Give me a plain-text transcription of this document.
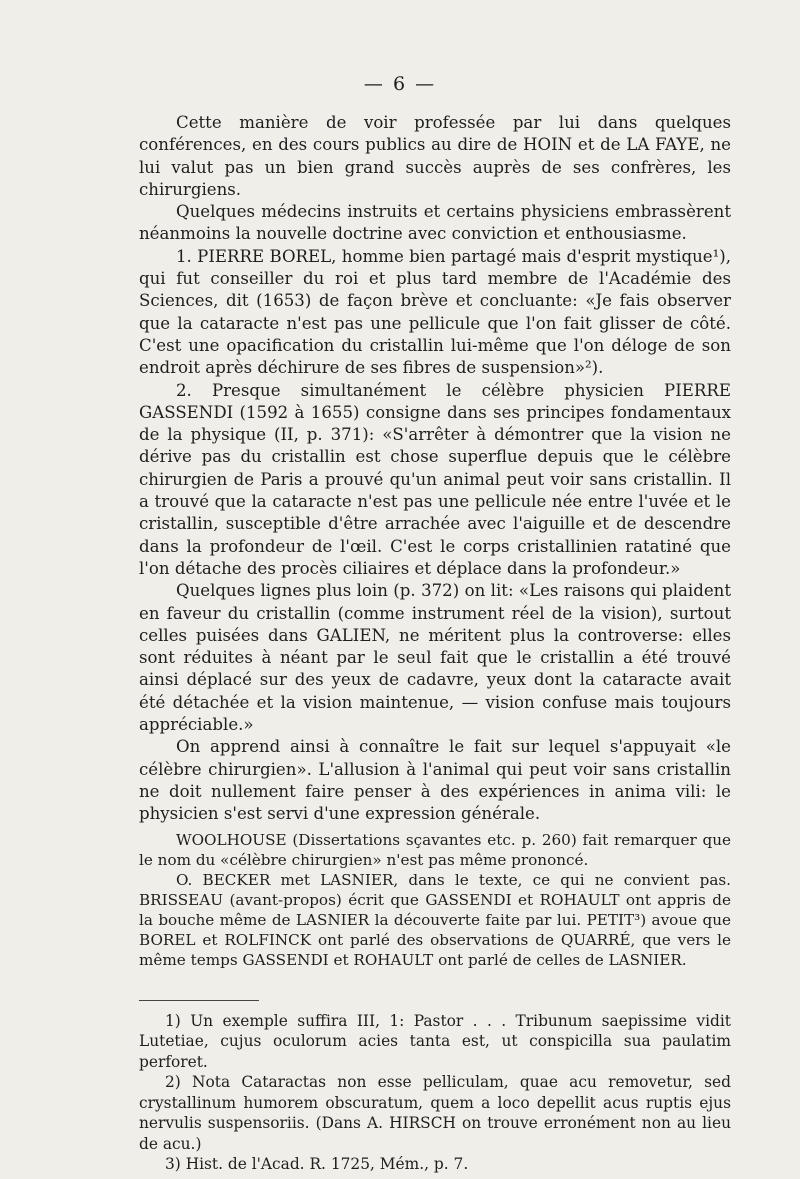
— 6 —

Cette manière de voir professée par lui dans quelques conférences, en des cours publics au dire de HOIN et de LA FAYE, ne lui valut pas un bien grand succès auprès de ses confrères, les chirurgiens.

Quelques médecins instruits et certains physiciens embrassèrent néanmoins la nouvelle doctrine avec conviction et enthousiasme.

1. PIERRE BOREL, homme bien partagé mais d'esprit mystique¹), qui fut conseiller du roi et plus tard membre de l'Académie des Sciences, dit (1653) de façon brève et concluante: «Je fais observer que la cataracte n'est pas une pellicule que l'on fait glisser de côté. C'est une opacification du cristallin lui-même que l'on déloge de son endroit après déchirure de ses fibres de suspension»²).

2. Presque simultanément le célèbre physicien PIERRE GASSENDI (1592 à 1655) consigne dans ses principes fondamentaux de la physique (II, p. 371): «S'arrêter à démontrer que la vision ne dérive pas du cristallin est chose superflue depuis que le célèbre chirurgien de Paris a prouvé qu'un animal peut voir sans cristallin. Il a trouvé que la cataracte n'est pas une pellicule née entre l'uvée et le cristallin, susceptible d'être arrachée avec l'aiguille et de descendre dans la profondeur de l'œil. C'est le corps cristallinien ratatiné que l'on détache des procès ciliaires et déplace dans la profondeur.»

Quelques lignes plus loin (p. 372) on lit: «Les raisons qui plaident en faveur du cristallin (comme instrument réel de la vision), surtout celles puisées dans GALIEN, ne méritent plus la controverse: elles sont réduites à néant par le seul fait que le cristallin a été trouvé ainsi déplacé sur des yeux de cadavre, yeux dont la cataracte avait été détachée et la vision maintenue, — vision confuse mais toujours appréciable.»

On apprend ainsi à connaître le fait sur lequel s'appuyait «le célèbre chirurgien». L'allusion à l'animal qui peut voir sans cristallin ne doit nullement faire penser à des expériences in anima vili: le physicien s'est servi d'une expression générale.

WOOLHOUSE (Dissertations sçavantes etc. p. 260) fait remarquer que le nom du «célèbre chirurgien» n'est pas même prononcé.

O. BECKER met LASNIER, dans le texte, ce qui ne convient pas. BRISSEAU (avant-propos) écrit que GASSENDI et ROHAULT ont appris de la bouche même de LASNIER la découverte faite par lui. PETIT³) avoue que BOREL et ROLFINCK ont parlé des observations de QUARRÉ, que vers le même temps GASSENDI et ROHAULT ont parlé de celles de LASNIER.

1) Un exemple suffira III, 1: Pastor . . . Tribunum saepissime vidit Lutetiae, cujus oculorum acies tanta est, ut conspicilla sua paulatim perforet.

2) Nota Cataractas non esse pelliculam, quae acu removetur, sed crystallinum humorem obscuratum, quem a loco depellit acus ruptis ejus nervulis suspensoriis. (Dans A. HIRSCH on trouve erronément non au lieu de acu.)

3) Hist. de l'Acad. R. 1725, Mém., p. 7.
